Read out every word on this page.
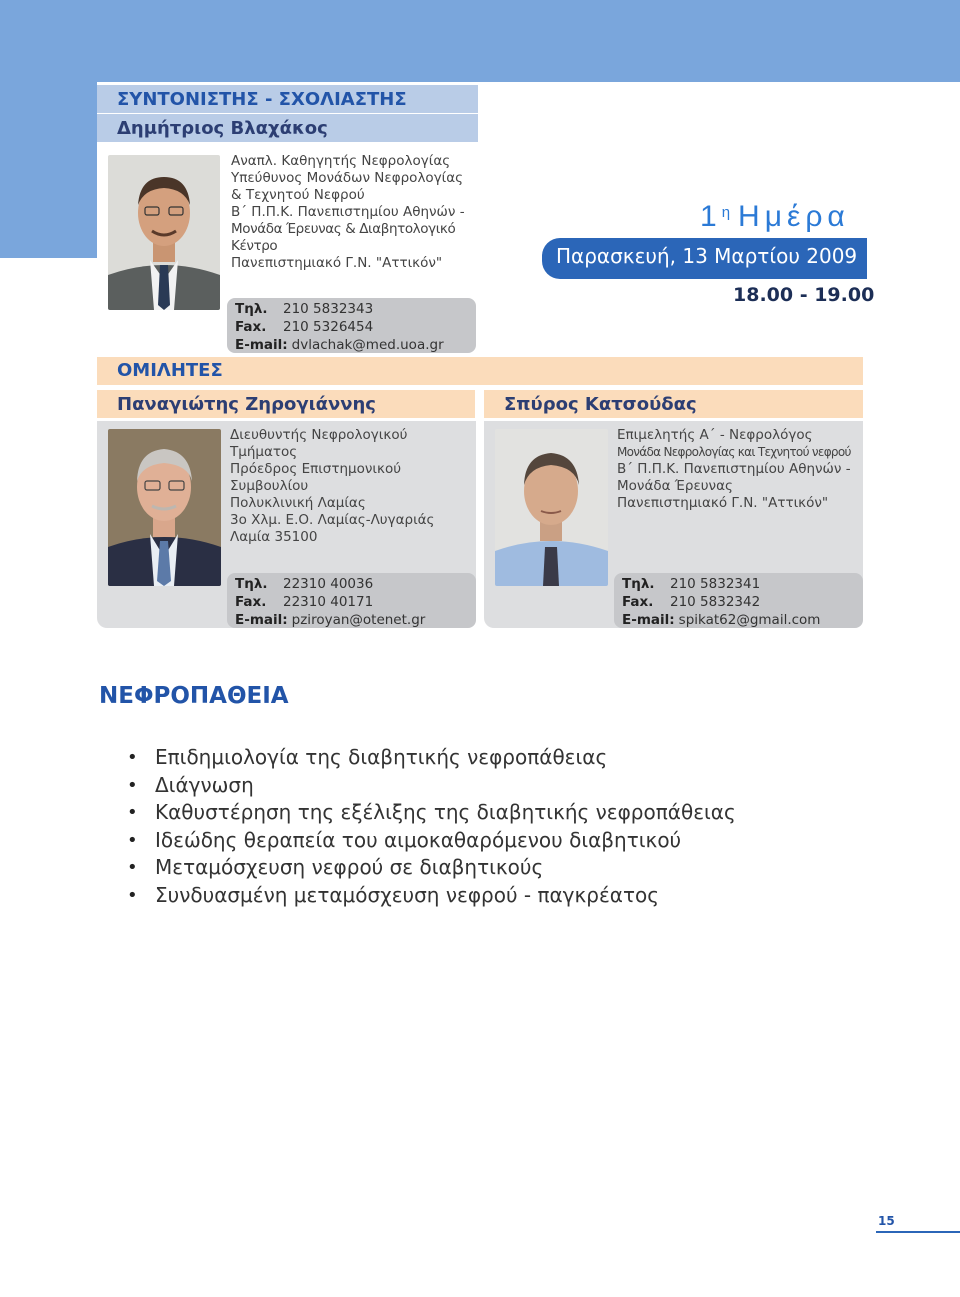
ΣΥΝΤΟΝΙΣΤΗΣ - ΣΧΟΛΙΑΣΤΗΣ
Δημήτριος Βλαχάκος
Αναπλ. Καθηγητής Νεφρολογίας
Υπεύθυνος Μονάδων Νεφρολογίας
& Τεχνητού Νεφρού
Β΄ Π.Π.Κ. Πανεπιστημίου Αθηνών -
Μονάδα Έρευνας & Διαβητολογικό Κέντρο
Πανεπιστημιακό Γ.Ν. "Αττικόν"
Τηλ. 210 5832343
Fax. 210 5326454
E-mail: dvlachak@med.uoa.gr
$1^\eta$ Ημέρα
Παρασκευή, 13 Μαρτίου 2009
18.00 - 19.00
ΟΜΙΛΗΤΕΣ
Παναγιώτης Ζηρογιάννης	Σπύρος Κατσούδας
Διευθυντής Νεφρολογικού Τμήματος
Πρόεδρος Επιστημονικού Συμβουλίου
Πολυκλινική Λαμίας
3ο Χλμ. Ε.Ο. Λαμίας-Λυγαριάς
Λαμία 35100
Επιμελητής Α΄ - Νεφρολόγος
Μονάδα Νεφρολογίας και Τεχνητού νεφρού
Β΄ Π.Π.Κ. Πανεπιστημίου Αθηνών -
Μονάδα Έρευνας
Πανεπιστημιακό Γ.Ν. "Αττικόν"
Τηλ. 22310 40036
Fax. 22310 40171
E-mail: pziroyan@otenet.gr
Τηλ. 210 5832341
Fax. 210 5832342
E-mail: spikat62@gmail.com
ΝΕΦΡΟΠΑΘΕΙΑ
• Επιδημιολογία της διαβητικής νεφροπάθειας
• Διάγνωση
• Καθυστέρηση της εξέλιξης της διαβητικής νεφροπάθειας
• Ιδεώδης θεραπεία του αιμοκαθαρόμενου διαβητικού
• Μεταμόσχευση νεφρού σε διαβητικούς
• Συνδυασμένη μεταμόσχευση νεφρού - παγκρέατος
15
